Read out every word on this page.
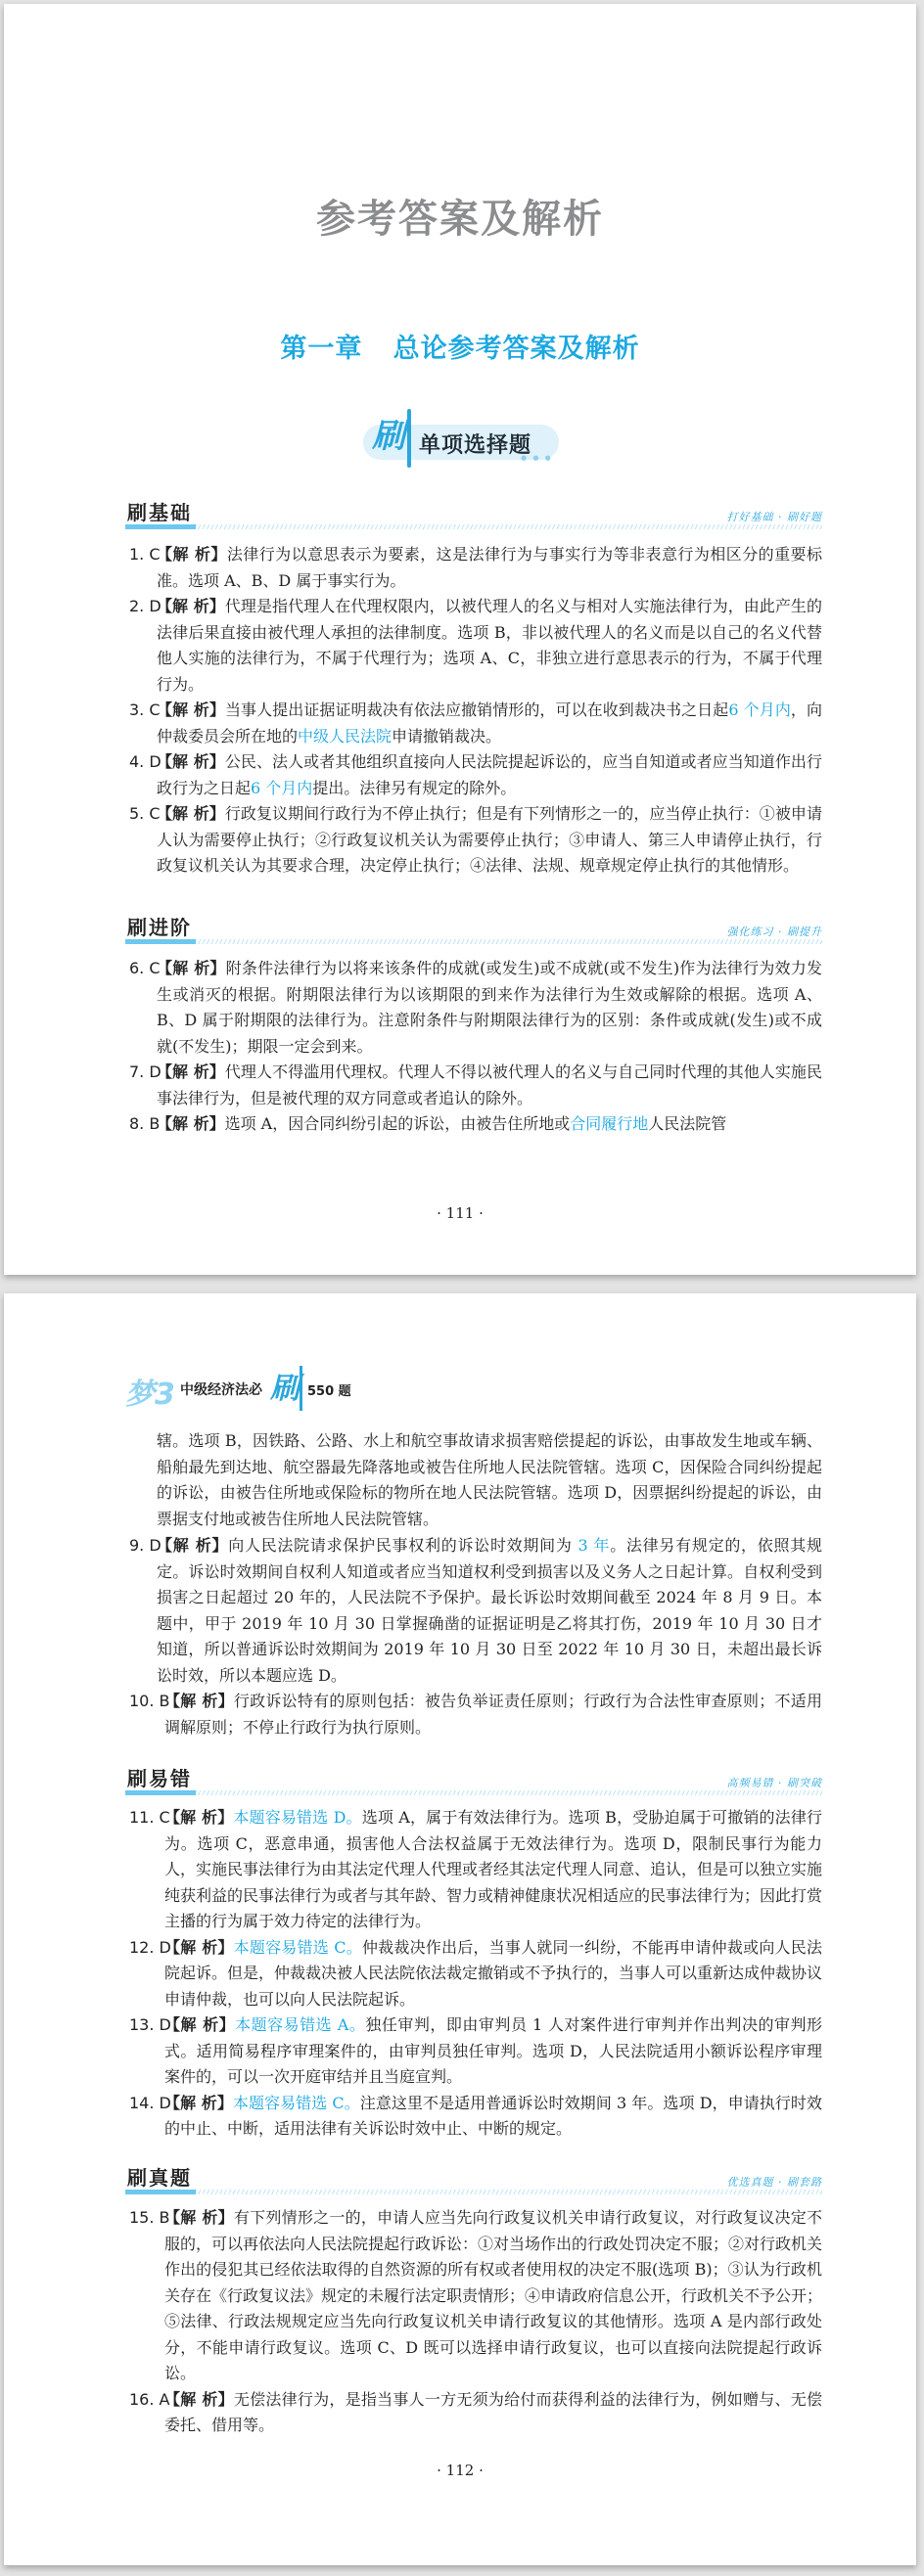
参考答案及解析
第一章   总论参考答案及解析
刷 单项选择题
● ● ●
刷基础	打好基础 · 刷好题

1. C
【解 析】法律行为以意思表示为要素，这是法律行为与事实行为等非表意行为相区分的重要标准。选项 A、B、D 属于事实行为。

2. D
【解 析】代理是指代理人在代理权限内，以被代理人的名义与相对人实施法律行为，由此产生的法律后果直接由被代理人承担的法律制度。选项 B，非以被代理人的名义而是以自己的名义代替他人实施的法律行为，不属于代理行为；选项 A、C，非独立进行意思表示的行为，不属于代理行为。

3. C
【解 析】当事人提出证据证明裁决有依法应撤销情形的，可以在收到裁决书之日起6 个月内，向仲裁委员会所在地的中级人民法院申请撤销裁决。

4. D
【解 析】公民、法人或者其他组织直接向人民法院提起诉讼的，应当自知道或者应当知道作出行政行为之日起6 个月内提出。法律另有规定的除外。

5. C
【解 析】行政复议期间行政行为不停止执行；但是有下列情形之一的，应当停止执行：①被申请人认为需要停止执行；②行政复议机关认为需要停止执行；③申请人、第三人申请停止执行，行政复议机关认为其要求合理，决定停止执行；④法律、法规、规章规定停止执行的其他情形。

刷进阶	强化练习 · 刷提升

6. C
【解 析】附条件法律行为以将来该条件的成就(或发生)或不成就(或不发生)作为法律行为效力发生或消灭的根据。附期限法律行为以该期限的到来作为法律行为生效或解除的根据。选项 A、B、D 属于附期限的法律行为。注意附条件与附期限法律行为的区别：条件或成就(发生)或不成就(不发生)；期限一定会到来。

7. D
【解 析】代理人不得滥用代理权。代理人不得以被代理人的名义与自己同时代理的其他人实施民事法律行为，但是被代理的双方同意或者追认的除外。

8. B
【解 析】选项 A，因合同纠纷引起的诉讼，由被告住所地或合同履行地人民法院管

· 111 ·
梦3 中级经济法必 刷 550 题

辖。选项 B，因铁路、公路、水上和航空事故请求损害赔偿提起的诉讼，由事故发生地或车辆、船舶最先到达地、航空器最先降落地或被告住所地人民法院管辖。选项 C，因保险合同纠纷提起的诉讼，由被告住所地或保险标的物所在地人民法院管辖。选项 D，因票据纠纷提起的诉讼，由票据支付地或被告住所地人民法院管辖。

9. D
【解 析】向人民法院请求保护民事权利的诉讼时效期间为 3 年。法律另有规定的，依照其规定。诉讼时效期间自权利人知道或者应当知道权利受到损害以及义务人之日起计算。自权利受到损害之日起超过 20 年的，人民法院不予保护。最长诉讼时效期间截至 2024 年 8 月 9 日。本题中，甲于 2019 年 10 月 30 日掌握确凿的证据证明是乙将其打伤，2019 年 10 月 30 日才知道，所以普通诉讼时效期间为 2019 年 10 月 30 日至 2022 年 10 月 30 日，未超出最长诉讼时效，所以本题应选 D。

10. B
【解 析】行政诉讼特有的原则包括：被告负举证责任原则；行政行为合法性审查原则；不适用调解原则；不停止行政行为执行原则。

刷易错	高频易错 · 刷突破

11. C
【解 析】本题容易错选 D。选项 A，属于有效法律行为。选项 B，受胁迫属于可撤销的法律行为。选项 C，恶意串通，损害他人合法权益属于无效法律行为。选项 D，限制民事行为能力人，实施民事法律行为由其法定代理人代理或者经其法定代理人同意、追认，但是可以独立实施纯获利益的民事法律行为或者与其年龄、智力或精神健康状况相适应的民事法律行为；因此打赏主播的行为属于效力待定的法律行为。

12. D
【解 析】本题容易错选 C。仲裁裁决作出后，当事人就同一纠纷，不能再申请仲裁或向人民法院起诉。但是，仲裁裁决被人民法院依法裁定撤销或不予执行的，当事人可以重新达成仲裁协议申请仲裁，也可以向人民法院起诉。

13. D
【解 析】本题容易错选 A。独任审判，即由审判员 1 人对案件进行审判并作出判决的审判形式。适用简易程序审理案件的，由审判员独任审判。选项 D，人民法院适用小额诉讼程序审理案件的，可以一次开庭审结并且当庭宣判。

14. D
【解 析】本题容易错选 C。注意这里不是适用普通诉讼时效期间 3 年。选项 D，申请执行时效的中止、中断，适用法律有关诉讼时效中止、中断的规定。

刷真题	优选真题 · 刷套路

15. B
【解 析】有下列情形之一的，申请人应当先向行政复议机关申请行政复议，对行政复议决定不服的，可以再依法向人民法院提起行政诉讼：①对当场作出的行政处罚决定不服；②对行政机关作出的侵犯其已经依法取得的自然资源的所有权或者使用权的决定不服(选项 B)；③认为行政机关存在《行政复议法》规定的未履行法定职责情形；④申请政府信息公开，行政机关不予公开；⑤法律、行政法规规定应当先向行政复议机关申请行政复议的其他情形。选项 A 是内部行政处分，不能申请行政复议。选项 C、D 既可以选择申请行政复议，也可以直接向法院提起行政诉讼。

16. A
【解 析】无偿法律行为，是指当事人一方无须为给付而获得利益的法律行为，例如赠与、无偿委托、借用等。

· 112 ·
